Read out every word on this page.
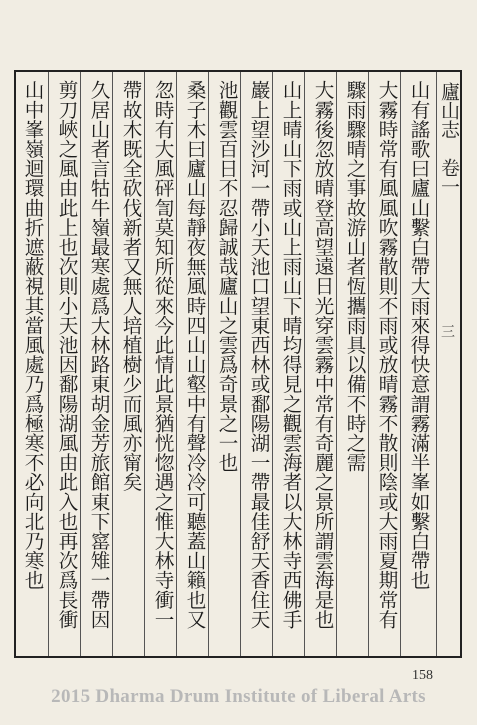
山有謠歌曰廬山繫白帶大雨來得快意謂霧滿半峯如繫白帶也
大霧時常有風風吹霧散則不雨或放晴霧不散則陰或大雨夏期常有
驟雨驟晴之事故游山者恆攜雨具以備不時之需
大霧後忽放晴登高望遠日光穿雲霧中常有奇麗之景所謂雲海是也
山上晴山下雨或山上雨山下晴均得見之觀雲海者以大林寺西佛手
巖上望沙河一帶小天池口望東西林或鄱陽湖一帶最佳舒天香住天
池觀雲百日不忍歸誠哉廬山之雲爲奇景之一也
桑子木曰廬山每靜夜無風時四山山壑中有聲冷冷可聽蓋山籟也又
忽時有大風砰訇莫知所從來今此情此景猶恍惚遇之惟大林寺衝一
帶故木既全砍伐新者又無人培植樹少而風亦甯矣
久居山者言牯牛嶺最寒處爲大林路東胡金芳旅館東下窰雉一帶因
剪刀峽之風由此上也次則小天池因鄱陽湖風由此入也再次爲長衝
山中峯嶺迴環曲折遮蔽視其當風處乃爲極寒不必向北乃寒也	廬山志　卷一
三
158
2015 Dharma Drum Institute of Liberal Arts
